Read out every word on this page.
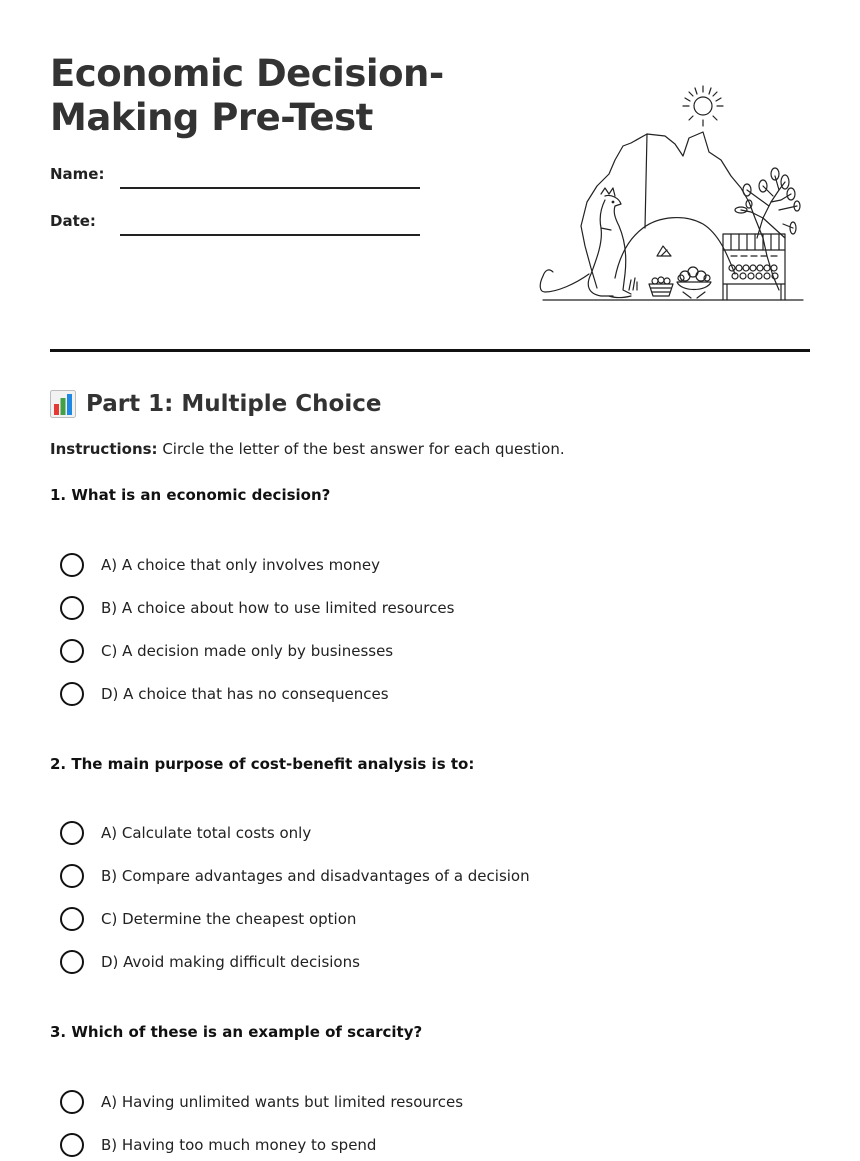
Economic Decision-
Making Pre-Test
Name:
Date:
Part 1: Multiple Choice
Instructions: Circle the letter of the best answer for each question.
1. What is an economic decision?
A) A choice that only involves money
B) A choice about how to use limited resources
C) A decision made only by businesses
D) A choice that has no consequences
2. The main purpose of cost-benefit analysis is to:
A) Calculate total costs only
B) Compare advantages and disadvantages of a decision
C) Determine the cheapest option
D) Avoid making difficult decisions
3. Which of these is an example of scarcity?
A) Having unlimited wants but limited resources
B) Having too much money to spend
